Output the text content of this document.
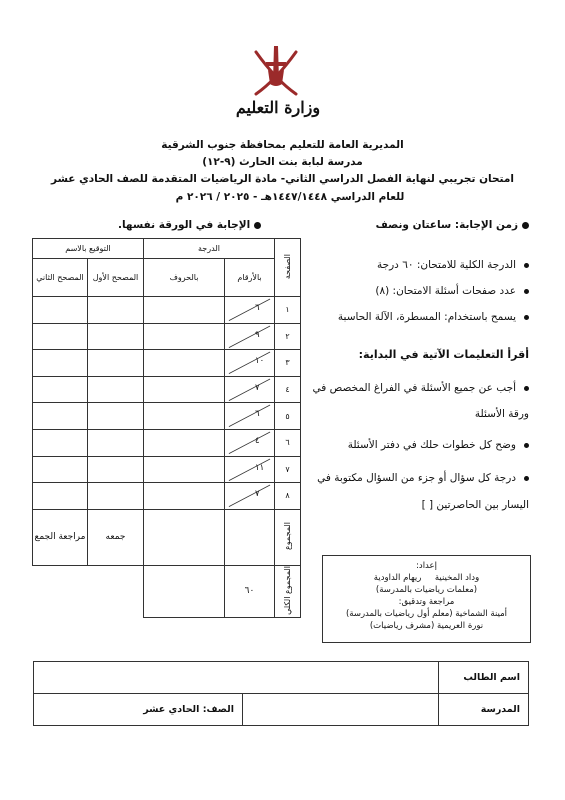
وزارة التعليم
المديرية العامة للتعليم بمحافظة جنوب الشرقية
مدرسة لبابة بنت الحارث (٩-١٢)
امتحان تجريبي لنهاية الفصل الدراسي الثاني- مادة الرياضيات المتقدمة للصف الحادي عشر
للعام الدراسي ١٤٤٧/١٤٤٨هـ - ٢٠٢٥ / ٢٠٢٦ م
زمن الإجابة: ساعتان ونصف
الإجابة في الورقة نفسها.
الدرجة الكلية للامتحان: ٦٠ درجة
عدد صفحات أسئلة الامتحان: (٨)
يسمح باستخدام: المسطرة، الآلة الحاسبة
أقرأ التعليمات الآتية في البداية:
أجب عن جميع الأسئلة في الفراغ المخصص في
ورقة الأسئلة
وضح كل خطوات حلك في دفتر الأسئلة
درجة كل سؤال أو جزء من السؤال مكتوبة في
اليسار بين الحاصرتين [ ]
التوقيع بالاسم		الدرجة		الصفحة
المصحح الثاني	المصحح الأول	بالحروف	بالأرقام	

			٦	١

			٩	٢

			١٠	٣

			٧	٤

			٦	٥

			٤	٦

			١١	٧

			٧	٨
مراجعة الجمع	جمعه			المجموع
			٦٠	المجموع الكلي	إعداد:
وداد المخينية     ريهام الداودية
(معلمات رياضيات بالمدرسة)
مراجعة وتدقيق:
أمينة الشماخية (معلم أول رياضيات بالمدرسة)
نورة العريمية (مشرف رياضيات)
اسم الطالب		
المدرسة		الصف: الحادي عشر
